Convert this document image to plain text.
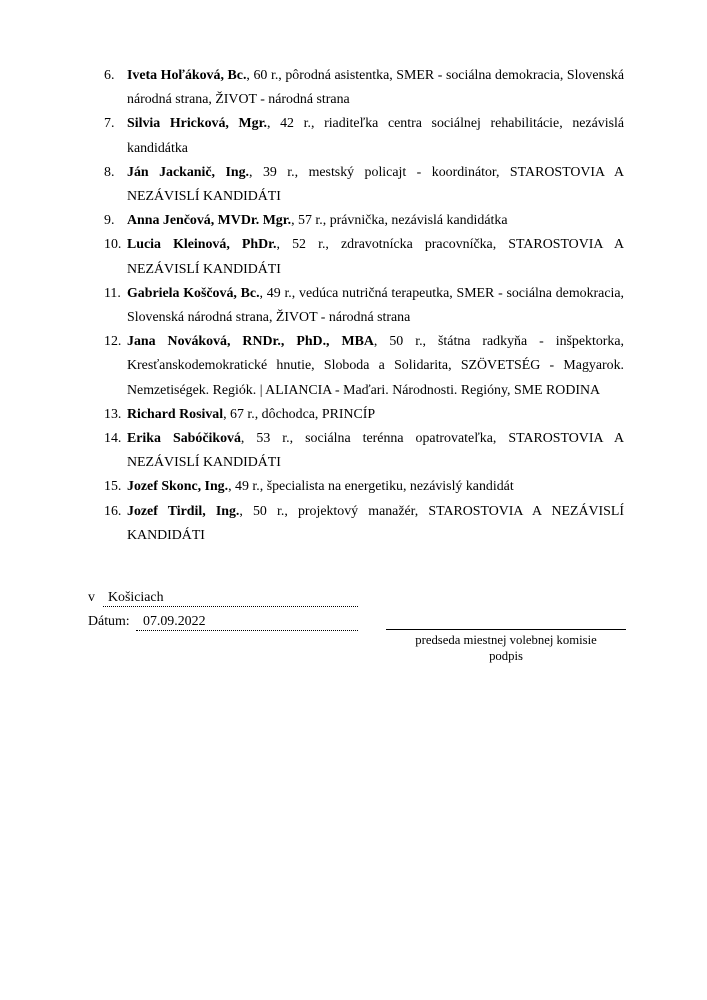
6. Iveta Hoľáková, Bc., 60 r., pôrodná asistentka, SMER - sociálna demokracia, Slovenská národná strana, ŽIVOT - národná strana
7. Silvia Hricková, Mgr., 42 r., riaditeľka centra sociálnej rehabilitácie, nezávislá kandidátka
8. Ján Jackanič, Ing., 39 r., mestský policajt - koordinátor, STAROSTOVIA A NEZÁVISLÍ KANDIDÁTI
9. Anna Jenčová, MVDr. Mgr., 57 r., právnička, nezávislá kandidátka
10. Lucia Kleinová, PhDr., 52 r., zdravotnícka pracovníčka, STAROSTOVIA A NEZÁVISLÍ KANDIDÁTI
11. Gabriela Koščová, Bc., 49 r., vedúca nutričná terapeutka, SMER - sociálna demokracia, Slovenská národná strana, ŽIVOT - národná strana
12. Jana Nováková, RNDr., PhD., MBA, 50 r., štátna radkyňa - inšpektorka, Kresťanskodemokratické hnutie, Sloboda a Solidarita, SZÖVETSÉG - Magyarok. Nemzetiségek. Regiók. | ALIANCIA - Maďari. Národnosti. Regióny, SME RODINA
13. Richard Rosival, 67 r., dôchodca, PRINCÍP
14. Erika Sabóčiková, 53 r., sociálna terénna opatrovateľka, STAROSTOVIA A NEZÁVISLÍ KANDIDÁTI
15. Jozef Skonc, Ing., 49 r., špecialista na energetiku, nezávislý kandidát
16. Jozef Tirdil, Ing., 50 r., projektový manažér, STAROSTOVIA A NEZÁVISLÍ KANDIDÁTI
v Košiciach
Dátum: 07.09.2022
predseda miestnej volebnej komisie
podpis
